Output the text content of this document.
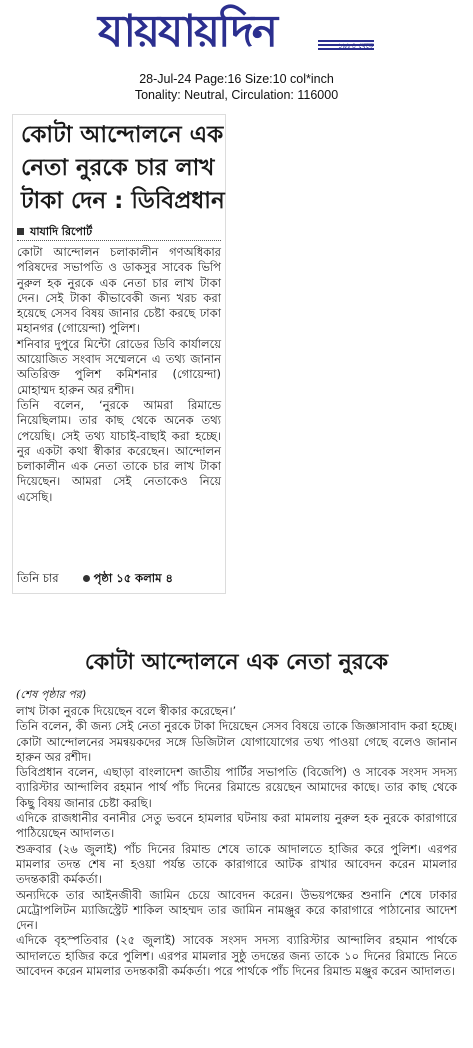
যায়যায়দিন	১৯৮৪ থেকে
28-Jul-24 Page:16 Size:10 col*inch
Tonality: Neutral, Circulation: 116000
কোটা আন্দোলনে এক নেতা নুরকে চার লাখ টাকা দেন : ডিবিপ্রধান
যাযাদি রিপোর্ট

কোটা আন্দোলন চলাকালীন গণঅধিকার পরিষদের সভাপতি ও ডাকসুর সাবেক ভিপি নুরুল হক নুরকে এক নেতা চার লাখ টাকা দেন। সেই টাকা কীভাবেকী জন্য খরচ করা হয়েছে সেসব বিষয় জানার চেষ্টা করছে ঢাকা মহানগর (গোয়েন্দা) পুলিশ।

শনিবার দুপুরে মিন্টো রোডের ডিবি কার্যালয়ে আয়োজিত সংবাদ সম্মেলনে এ তথ্য জানান অতিরিক্ত পুলিশ কমিশনার (গোয়েন্দা) মোহাম্মদ হারুন অর রশীদ।

তিনি বলেন, ‘নুরকে আমরা রিমান্ডে নিয়েছিলাম। তার কাছ থেকে অনেক তথ্য পেয়েছি। সেই তথ্য যাচাই-বাছাই করা হচ্ছে। নুর একটা কথা স্বীকার করেছেন। আন্দোলন চলাকালীন এক নেতা তাকে চার লাখ টাকা দিয়েছেন। আমরা সেই নেতাকেও নিয়ে এসেছি।

তিনি চার	পৃষ্ঠা ১৫ কলাম ৪
কোটা আন্দোলনে এক নেতা নুরকে
(শেষ পৃষ্ঠার পর)

লাখ টাকা নুরকে দিয়েছেন বলে স্বীকার করেছেন।’

তিনি বলেন, কী জন্য সেই নেতা নুরকে টাকা দিয়েছেন সেসব বিষয়ে তাকে জিজ্ঞাসাবাদ করা হচ্ছে। কোটা আন্দোলনের সমন্বয়কদের সঙ্গে ডিজিটাল যোগাযোগের তথ্য পাওয়া গেছে বলেও জানান হারুন অর রশীদ।

ডিবিপ্রধান বলেন, এছাড়া বাংলাদেশ জাতীয় পার্টির সভাপতি (বিজেপি) ও সাবেক সংসদ সদস্য ব্যারিস্টার আন্দালিব রহমান পার্থ পাঁচ দিনের রিমান্ডে রয়েছেন আমাদের কাছে। তার কাছ থেকে কিছু বিষয় জানার চেষ্টা করছি।

এদিকে রাজধানীর বনানীর সেতু ভবনে হামলার ঘটনায় করা মামলায় নুরুল হক নুরকে কারাগারে পাঠিয়েছেন আদালত।

শুক্রবার (২৬ জুলাই) পাঁচ দিনের রিমান্ড শেষে তাকে আদালতে হাজির করে পুলিশ। এরপর মামলার তদন্ত শেষ না হওয়া পর্যন্ত তাকে কারাগারে আটক রাখার আবেদন করেন মামলার তদন্তকারী কর্মকর্তা।

অন্যদিকে তার আইনজীবী জামিন চেয়ে আবেদন করেন। উভয়পক্ষের শুনানি শেষে ঢাকার মেট্রোপলিটন ম্যাজিস্ট্রেট শাকিল আহম্মদ তার জামিন নামঞ্জুর করে কারাগারে পাঠানোর আদেশ দেন।

এদিকে বৃহস্পতিবার (২৫ জুলাই) সাবেক সংসদ সদস্য ব্যারিস্টার আন্দালিব রহমান পার্থকে আদালতে হাজির করে পুলিশ। এরপর মামলার সুষ্ঠু তদন্তের জন্য তাকে ১০ দিনের রিমান্ডে নিতে আবেদন করেন মামলার তদন্তকারী কর্মকর্তা। পরে পার্থকে পাঁচ দিনের রিমান্ড মঞ্জুর করেন আদালত।
